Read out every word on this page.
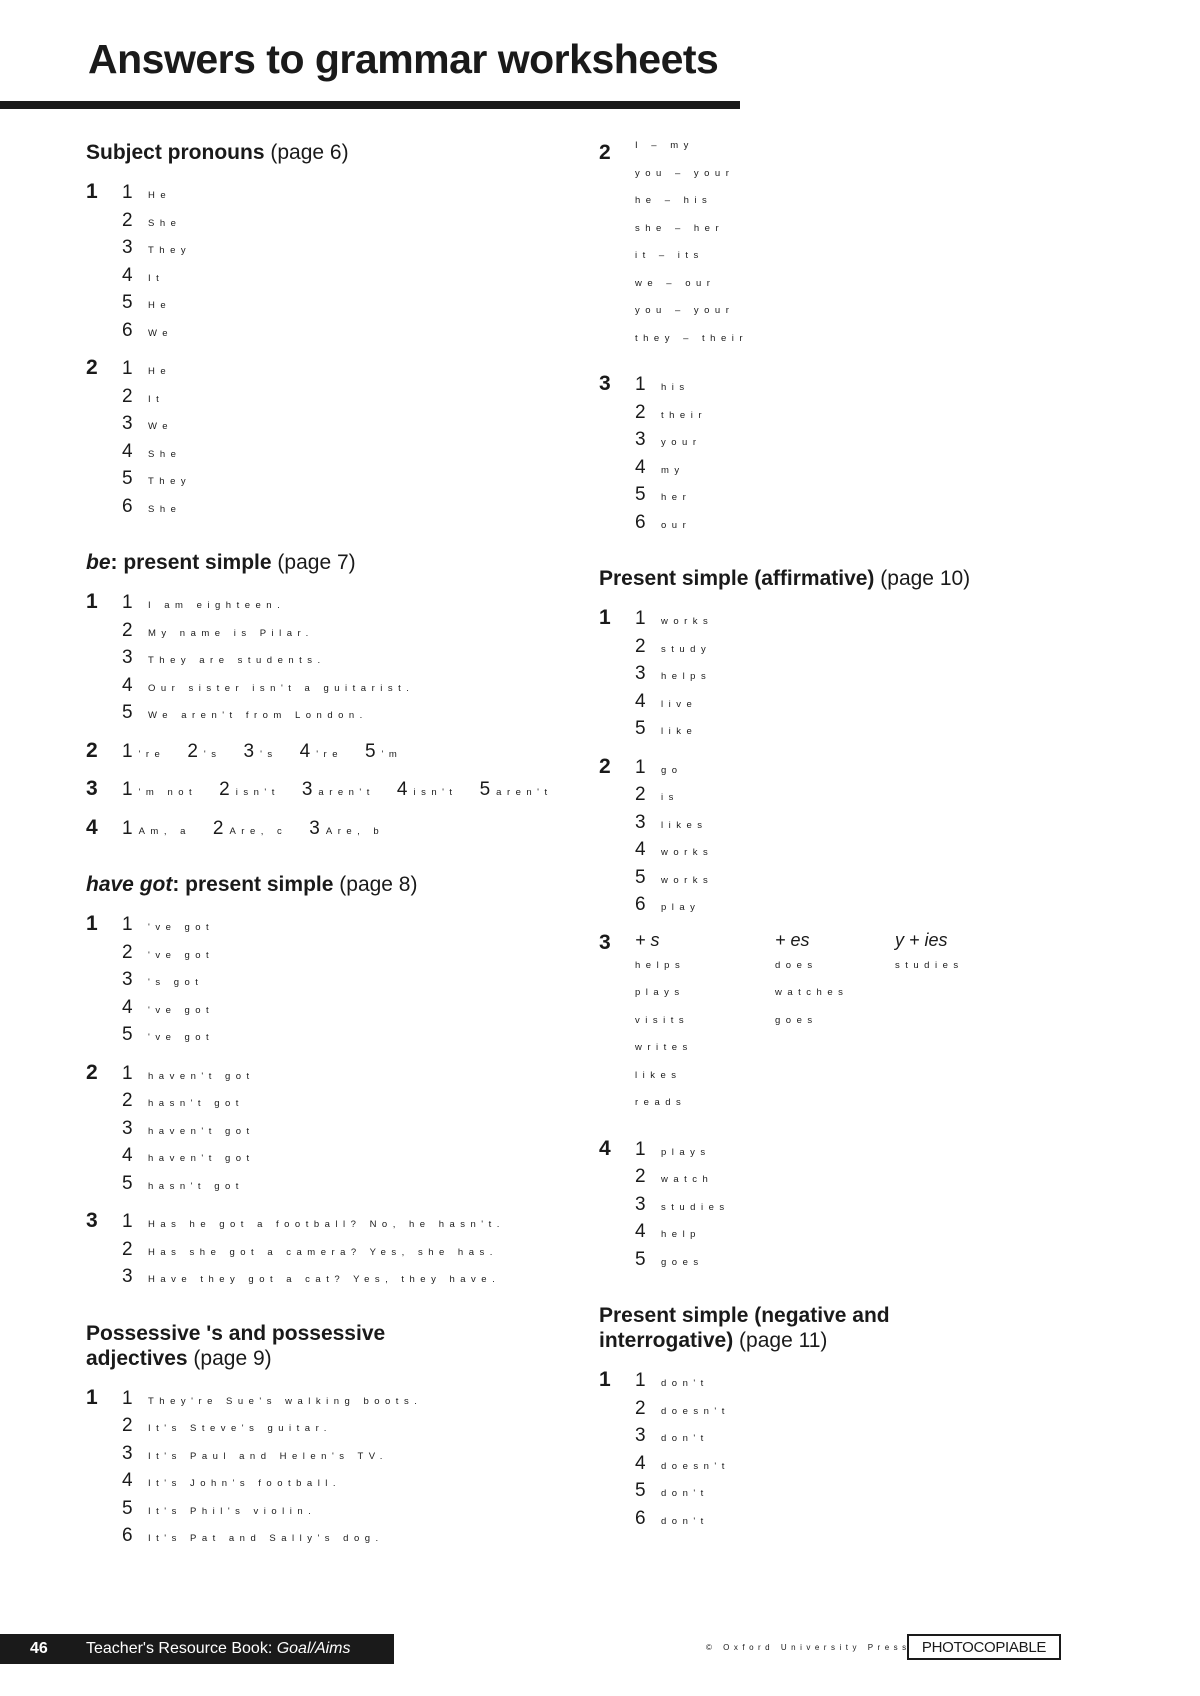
Answers to grammar worksheets
Subject pronouns (page 6)
1	1	He
2	She
3	They
4	It
5	He
6	We
2	1	He
2	It
3	We
4	She
5	They
6	She
be: present simple (page 7)
1	1	I am eighteen.
2	My name is Pilar.
3	They are students.
4	Our sister isn't a guitarist.
5	We aren't from London.
2	1 're 2 's 3 's 4 're 5 'm
3	1 'm not 2 isn't 3 aren't 4 isn't 5 aren't
4	1 Am, a 2 Are, c 3 Are, b
have got: present simple (page 8)
1	1	've got
2	've got
3	's got
4	've got
5	've got
2	1	haven't got
2	hasn't got
3	haven't got
4	haven't got
5	hasn't got
3	1	Has he got a football? No, he hasn't.
2	Has she got a camera? Yes, she has.
3	Have they got a cat? Yes, they have.
Possessive 's and possessive
adjectives (page 9)
1	1	They're Sue's walking boots.
2	It's Steve's guitar.
3	It's Paul and Helen's TV.
4	It's John's football.
5	It's Phil's violin.
6	It's Pat and Sally's dog.
2	I – my
you – your
he – his
she – her
it – its
we – our
you – your
they – their
3	1	his
2	their
3	your
4	my
5	her
6	our
Present simple (affirmative) (page 10)
1	1	works
2	study
3	helps
4	live
5	like
2	1	go
2	is
3	likes
4	works
5	works
6	play
3	+ s	+ es	y + ies
helps	does	studies
plays	watches
visits	goes
writes
likes
reads
4	1	plays
2	watch
3	studies
4	help
5	goes
Present simple (negative and
interrogative) (page 11)
1	1	don't
2	doesn't
3	don't
4	doesn't
5	don't
6	don't
46	Teacher's Resource Book: Goal/Aims	© Oxford University Press PHOTOCOPIABLE
